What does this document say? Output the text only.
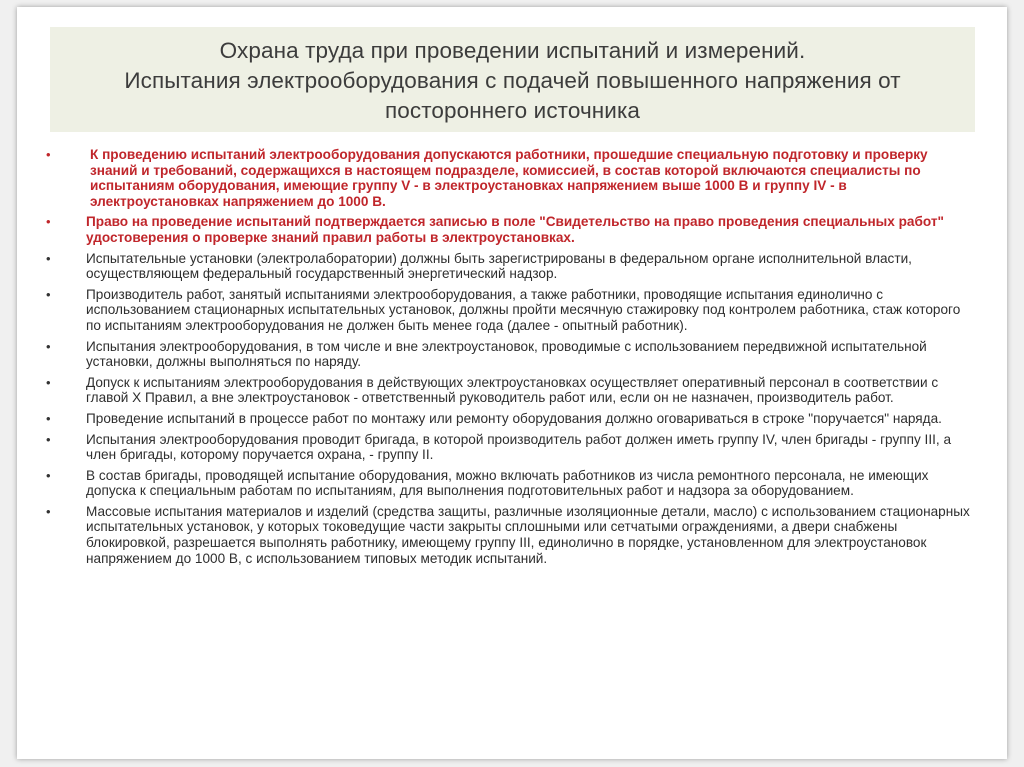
Охрана труда при проведении испытаний и измерений.
Испытания электрооборудования с подачей повышенного напряжения от
постороннего источника
•	К проведению испытаний электрооборудования допускаются работники, прошедшие специальную подготовку и проверку знаний и требований, содержащихся в настоящем подразделе, комиссией, в состав которой включаются специалисты по испытаниям оборудования, имеющие группу V - в электроустановках напряжением выше 1000 В и группу IV - в электроустановках напряжением до 1000 В.
•	Право на проведение испытаний подтверждается записью в поле "Свидетельство на право проведения специальных работ" удостоверения о проверке знаний правил работы в электроустановках.
•	Испытательные установки (электролаборатории) должны быть зарегистрированы в федеральном органе исполнительной власти, осуществляющем федеральный государственный энергетический надзор.
•	Производитель работ, занятый испытаниями электрооборудования, а также работники, проводящие испытания единолично с использованием стационарных испытательных установок, должны пройти месячную стажировку под контролем работника, стаж которого по испытаниям электрооборудования не должен быть менее года (далее - опытный работник).
•	Испытания электрооборудования, в том числе и вне электроустановок, проводимые с использованием передвижной испытательной установки, должны выполняться по наряду.
•	Допуск к испытаниям электрооборудования в действующих электроустановках осуществляет оперативный персонал в соответствии с главой X Правил, а вне электроустановок - ответственный руководитель работ или, если он не назначен, производитель работ.
•	Проведение испытаний в процессе работ по монтажу или ремонту оборудования должно оговариваться в строке "поручается" наряда.
•	Испытания электрооборудования проводит бригада, в которой производитель работ должен иметь группу IV, член бригады - группу III, а член бригады, которому поручается охрана, - группу II.
•	В состав бригады, проводящей испытание оборудования, можно включать работников из числа ремонтного персонала, не имеющих допуска к специальным работам по испытаниям, для выполнения подготовительных работ и надзора за оборудованием.
•	Массовые испытания материалов и изделий (средства защиты, различные изоляционные детали, масло) с использованием стационарных испытательных установок, у которых токоведущие части закрыты сплошными или сетчатыми ограждениями, а двери снабжены блокировкой, разрешается выполнять работнику, имеющему группу III, единолично в порядке, установленном для электроустановок напряжением до 1000 В, с использованием типовых методик испытаний.
